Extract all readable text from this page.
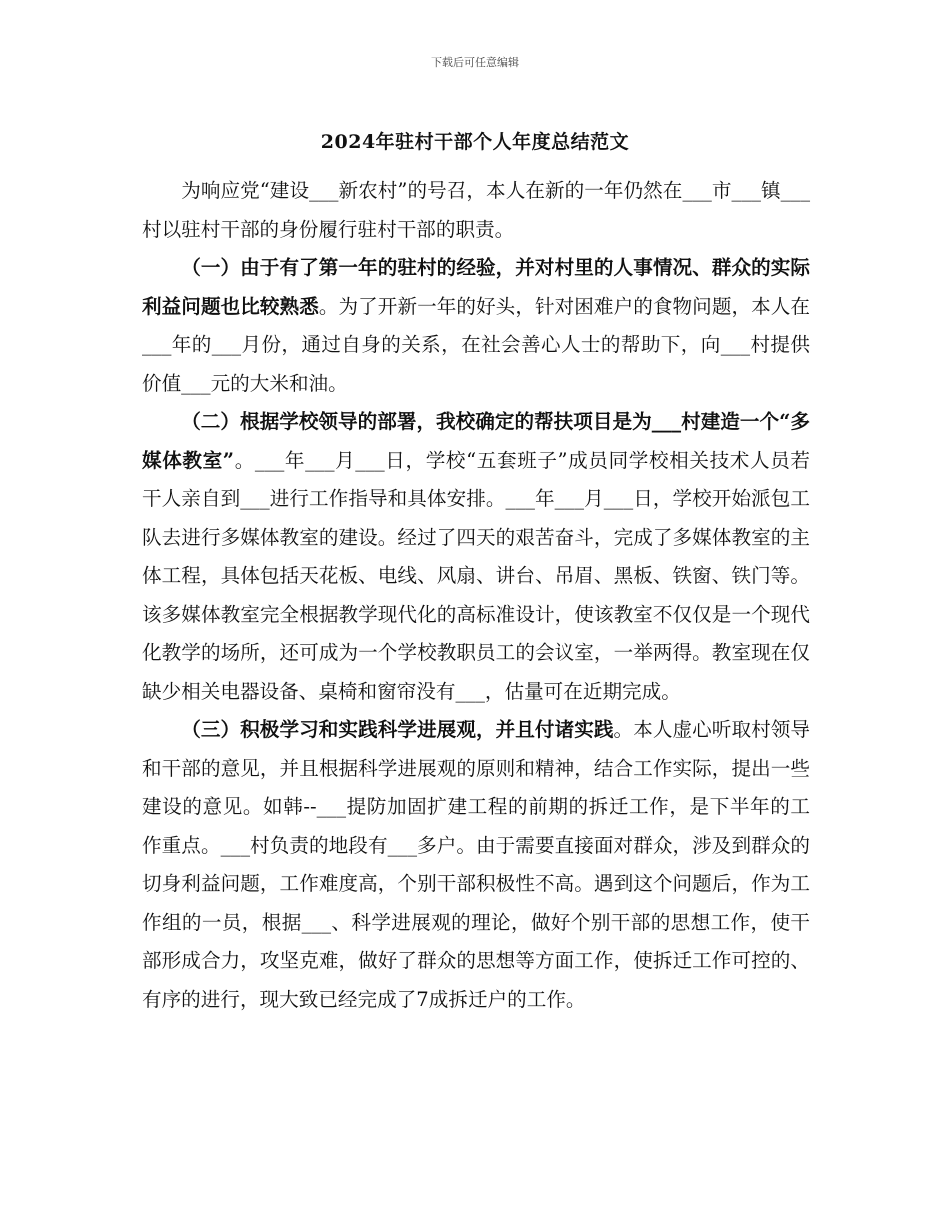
下载后可任意编辑
2024年驻村干部个人年度总结范文

为响应党“建设___新农村”的号召，本人在新的一年仍然在___市___镇___村以驻村干部的身份履行驻村干部的职责。

（一）由于有了第一年的驻村的经验，并对村里的人事情况、群众的实际利益问题也比较熟悉。为了开新一年的好头，针对困难户的食物问题，本人在___年的___月份，通过自身的关系，在社会善心人士的帮助下，向___村提供价值___元的大米和油。

（二）根据学校领导的部署，我校确定的帮扶项目是为___村建造一个“多媒体教室”。___年___月___日，学校“五套班子”成员同学校相关技术人员若干人亲自到___进行工作指导和具体安排。___年___月___日，学校开始派包工队去进行多媒体教室的建设。经过了四天的艰苦奋斗，完成了多媒体教室的主体工程，具体包括天花板、电线、风扇、讲台、吊眉、黑板、铁窗、铁门等。该多媒体教室完全根据教学现代化的高标准设计，使该教室不仅仅是一个现代化教学的场所，还可成为一个学校教职员工的会议室，一举两得。教室现在仅缺少相关电器设备、桌椅和窗帘没有___，估量可在近期完成。

（三）积极学习和实践科学进展观，并且付诸实践。本人虚心听取村领导和干部的意见，并且根据科学进展观的原则和精神，结合工作实际，提出一些建设的意见。如韩--___提防加固扩建工程的前期的拆迁工作，是下半年的工作重点。___村负责的地段有___多户。由于需要直接面对群众，涉及到群众的切身利益问题，工作难度高，个别干部积极性不高。遇到这个问题后，作为工作组的一员，根据___、科学进展观的理论，做好个别干部的思想工作，使干部形成合力，攻坚克难，做好了群众的思想等方面工作，使拆迁工作可控的、有序的进行，现大致已经完成了7成拆迁户的工作。
